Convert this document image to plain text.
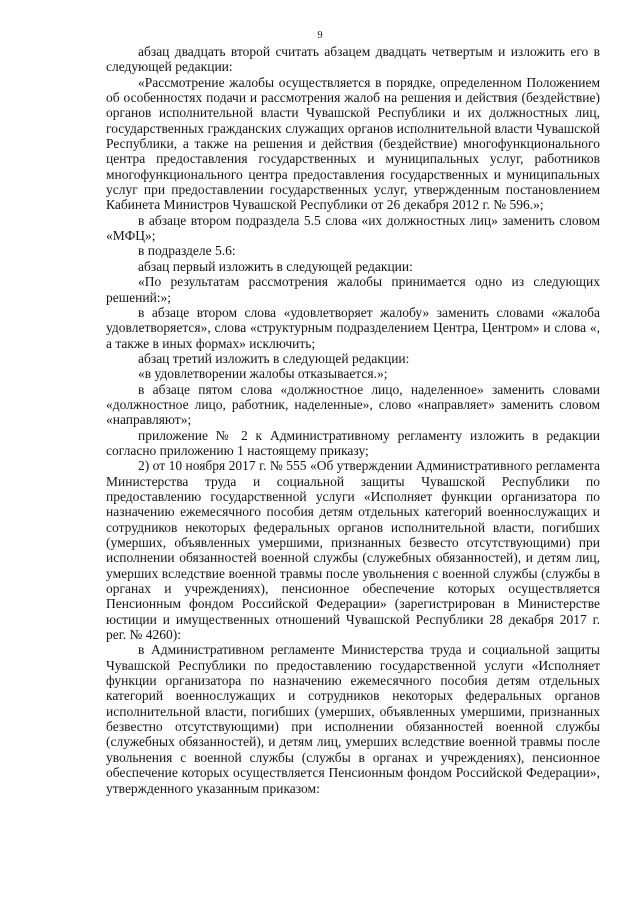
9

абзац двадцать второй считать абзацем двадцать четвертым и изложить его в следующей редакции:

«Рассмотрение жалобы осуществляется в порядке, определенном Положением об особенностях подачи и рассмотрения жалоб на решения и действия (бездействие) органов исполнительной власти Чувашской Республики и их должностных лиц, государственных гражданских служащих органов исполнительной власти Чувашской Республики, а также на решения и действия (бездействие) многофункционального центра предоставления государственных и муниципальных услуг, работников многофункционального центра предоставления государственных и муниципальных услуг при предоставлении государственных услуг, утвержденным постановлением Кабинета Министров Чувашской Республики от 26 декабря 2012 г. № 596.»;

в абзаце втором подраздела 5.5 слова «их должностных лиц» заменить словом «МФЦ»;

в подразделе 5.6:

абзац первый изложить в следующей редакции:

«По результатам рассмотрения жалобы принимается одно из следующих решений:»;

в абзаце втором слова «удовлетворяет жалобу» заменить словами «жалоба удовлетворяется», слова «структурным подразделением Центра, Центром» и слова «, а также в иных формах» исключить;

абзац третий изложить в следующей редакции:

«в удовлетворении жалобы отказывается.»;

в абзаце пятом слова «должностное лицо, наделенное» заменить словами «должностное лицо, работник, наделенные», слово «направляет» заменить словом «направляют»;

приложение № 2 к Административному регламенту изложить в редакции согласно приложению 1 настоящему приказу;

2) от 10 ноября 2017 г. № 555 «Об утверждении Административного регламента Министерства труда и социальной защиты Чувашской Республики по предоставлению государственной услуги «Исполняет функции организатора по назначению ежемесячного пособия детям отдельных категорий военнослужащих и сотрудников некоторых федеральных органов исполнительной власти, погибших (умерших, объявленных умершими, признанных безвесто отсутствующими) при исполнении обязанностей военной службы (служебных обязанностей), и детям лиц, умерших вследствие военной травмы после увольнения с военной службы (службы в органах и учреждениях), пенсионное обеспечение которых осуществляется Пенсионным фондом Российской Федерации» (зарегистрирован в Министерстве юстиции и имущественных отношений Чувашской Республики 28 декабря 2017 г. рег. № 4260):

в Административном регламенте Министерства труда и социальной защиты Чувашской Республики по предоставлению государственной услуги «Исполняет функции организатора по назначению ежемесячного пособия детям отдельных категорий военнослужащих и сотрудников некоторых федеральных органов исполнительной власти, погибших (умерших, объявленных умершими, признанных безвестно отсутствующими) при исполнении обязанностей военной службы (служебных обязанностей), и детям лиц, умерших вследствие военной травмы после увольнения с военной службы (службы в органах и учреждениях), пенсионное обеспечение которых осуществляется Пенсионным фондом Российской Федерации», утвержденного указанным приказом:
